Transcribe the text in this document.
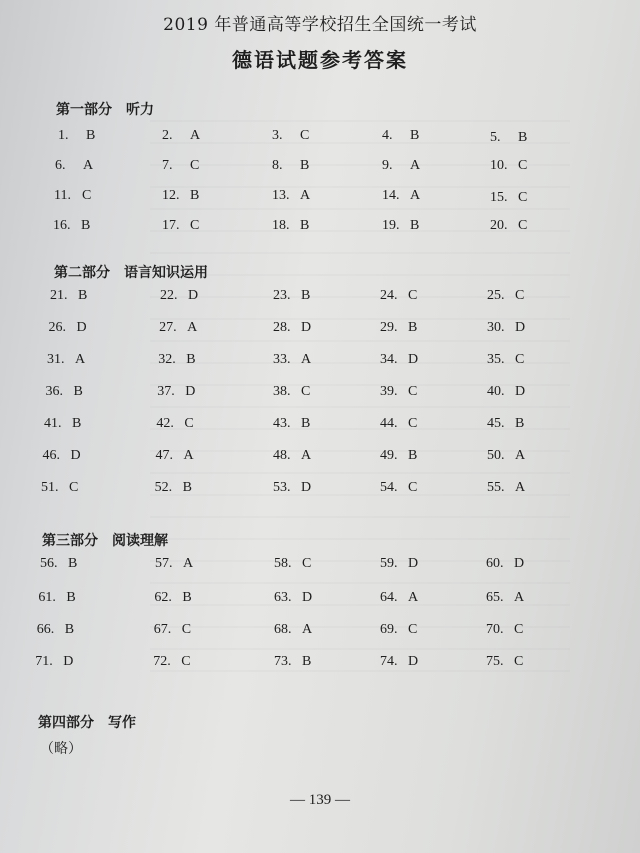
2019 年普通高等学校招生全国统一考试
德语试题参考答案
第一部分 听力
第二部分 语言知识运用
第三部分 阅读理解
第四部分 写作
1. B	2. A	3. C	4. B	5. B
6. A	7. C	8. B	9. A	10. C
11. C	12. B	13. A	14. A	15. C
16. B	17. C	18. B	19. B	20. C
21. B	22. D	23. B	24. C	25. C
26. D	27. A	28. D	29. B	30. D
31. A	32. B	33. A	34. D	35. C
36. B	37. D	38. C	39. C	40. D
41. B	42. C	43. B	44. C	45. B
46. D	47. A	48. A	49. B	50. A
51. C	52. B	53. D	54. C	55. A
56. B	57. A	58. C	59. D	60. D
61. B	62. B	63. D	64. A	65. A
66. B	67. C	68. A	69. C	70. C
71. D	72. C	73. B	74. D	75. C
（略）
— 139 —
